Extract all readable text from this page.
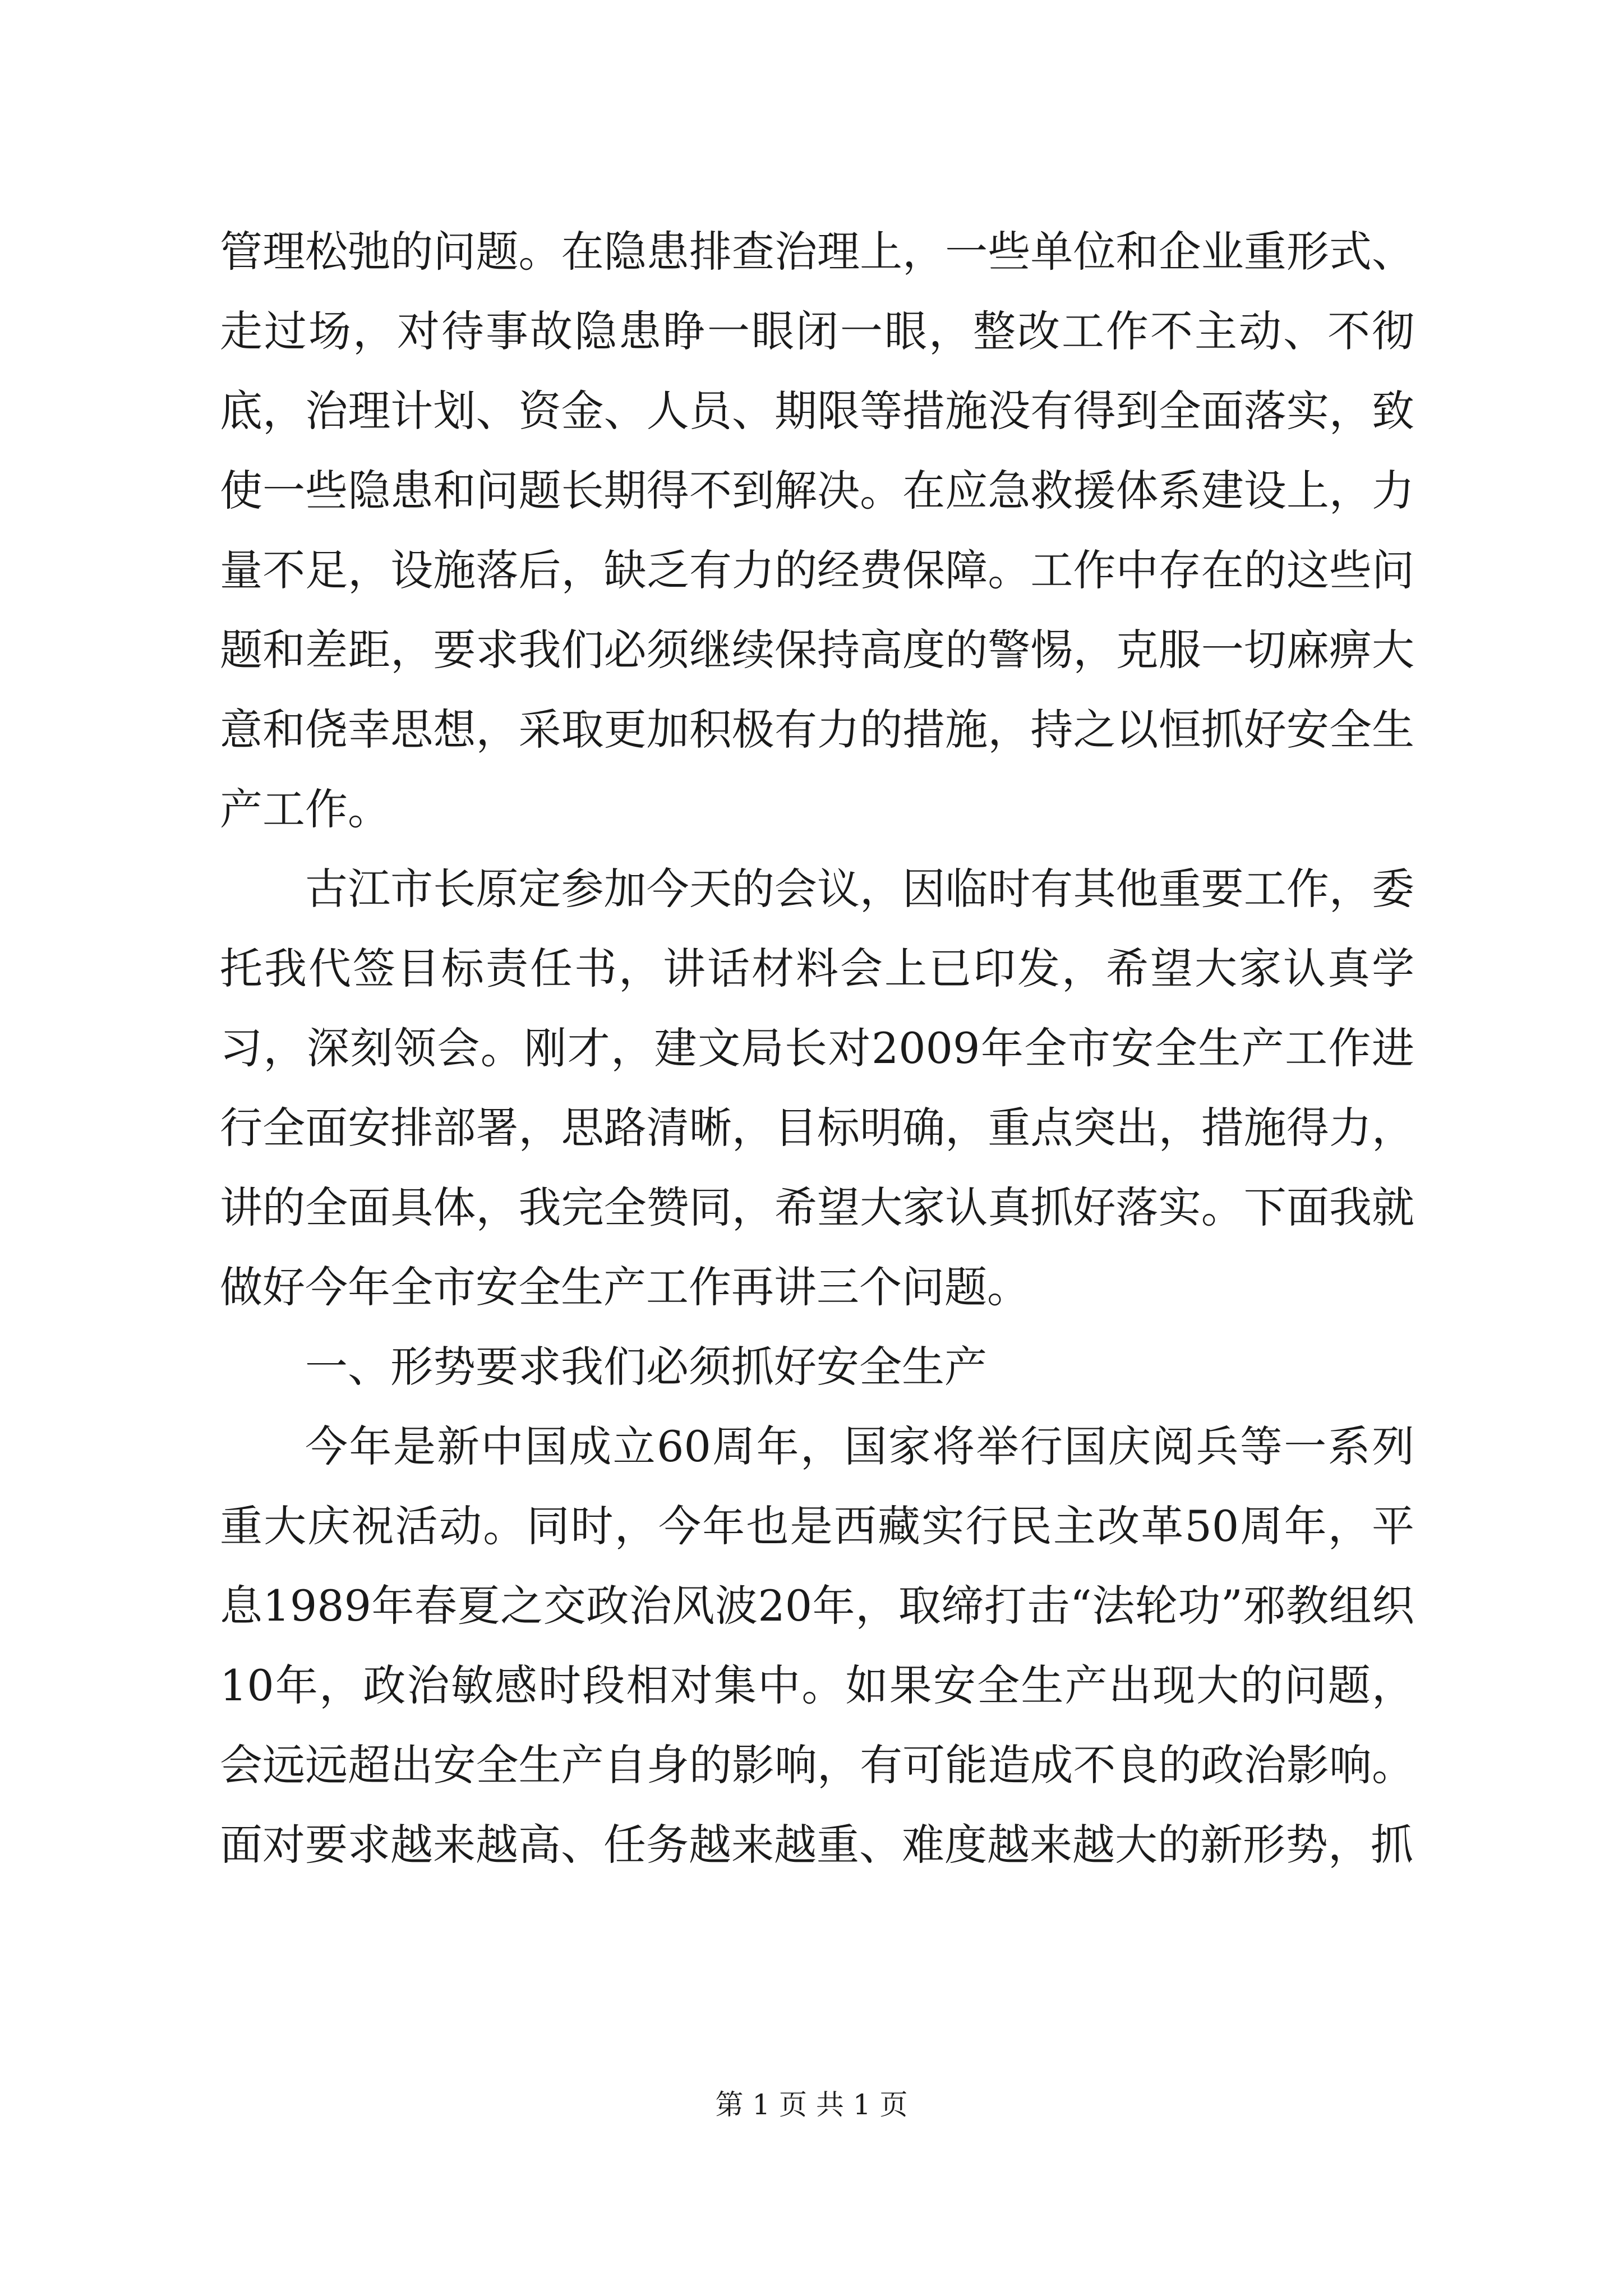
管理松弛的问题。在隐患排查治理上，一些单位和企业重形式、走过场，对待事故隐患睁一眼闭一眼，整改工作不主动、不彻底，治理计划、资金、人员、期限等措施没有得到全面落实，致使一些隐患和问题长期得不到解决。在应急救援体系建设上，力量不足，设施落后，缺乏有力的经费保障。工作中存在的这些问题和差距，要求我们必须继续保持高度的警惕，克服一切麻痹大意和侥幸思想，采取更加积极有力的措施，持之以恒抓好安全生产工作。

古江市长原定参加今天的会议，因临时有其他重要工作，委托我代签目标责任书，讲话材料会上已印发，希望大家认真学习，深刻领会。刚才，建文局长对2009年全市安全生产工作进行全面安排部署，思路清晰，目标明确，重点突出，措施得力，讲的全面具体，我完全赞同，希望大家认真抓好落实。下面我就做好今年全市安全生产工作再讲三个问题。

一、形势要求我们必须抓好安全生产

今年是新中国成立60周年，国家将举行国庆阅兵等一系列重大庆祝活动。同时，今年也是西藏实行民主改革50周年，平息1989年春夏之交政治风波20年，取缔打击“法轮功”邪教组织10年，政治敏感时段相对集中。如果安全生产出现大的问题，会远远超出安全生产自身的影响，有可能造成不良的政治影响。面对要求越来越高、任务越来越重、难度越来越大的新形势，抓

第 1 页 共 1 页
